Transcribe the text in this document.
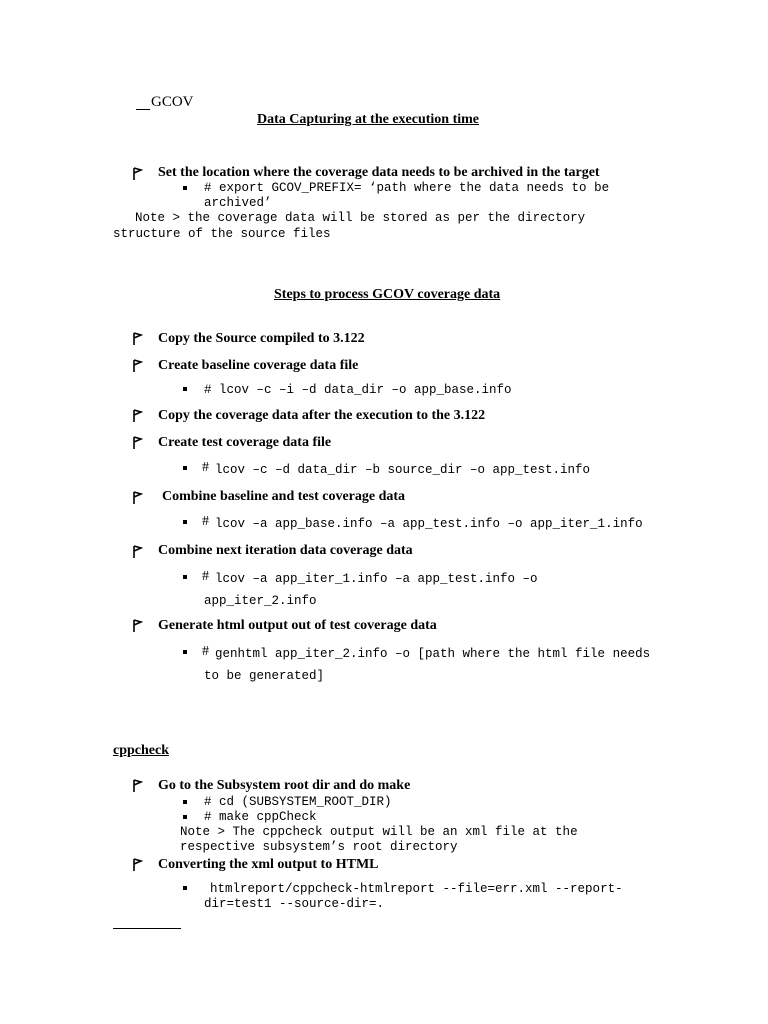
GCOV
Data Capturing at the execution time
Set the location where the coverage data needs to be archived in the target
# export GCOV_PREFIX= ‘path where the data needs to be
archived’
Note > the coverage data will be stored as per the directory
structure of the source files
Steps to process GCOV coverage data
Copy the Source compiled to 3.122
Create baseline coverage data file
# lcov –c –i –d data_dir –o app_base.info
Copy the coverage data after the execution to the 3.122
Create test coverage data file
# lcov –c –d data_dir –b source_dir –o app_test.info
Combine baseline and test coverage data
# lcov –a app_base.info –a app_test.info –o app_iter_1.info
Combine next iteration data coverage data
# lcov –a app_iter_1.info –a app_test.info –o
app_iter_2.info
Generate html output out of test coverage data
# genhtml app_iter_2.info –o [path where the html file needs
to be generated]
cppcheck
Go to the Subsystem root dir and do make
# cd (SUBSYSTEM_ROOT_DIR)
# make cppCheck
Note > The cppcheck output will be an xml file at the
respective subsystem’s root directory
Converting the xml output to HTML
htmlreport/cppcheck-htmlreport --file=err.xml --report-
dir=test1 --source-dir=.
